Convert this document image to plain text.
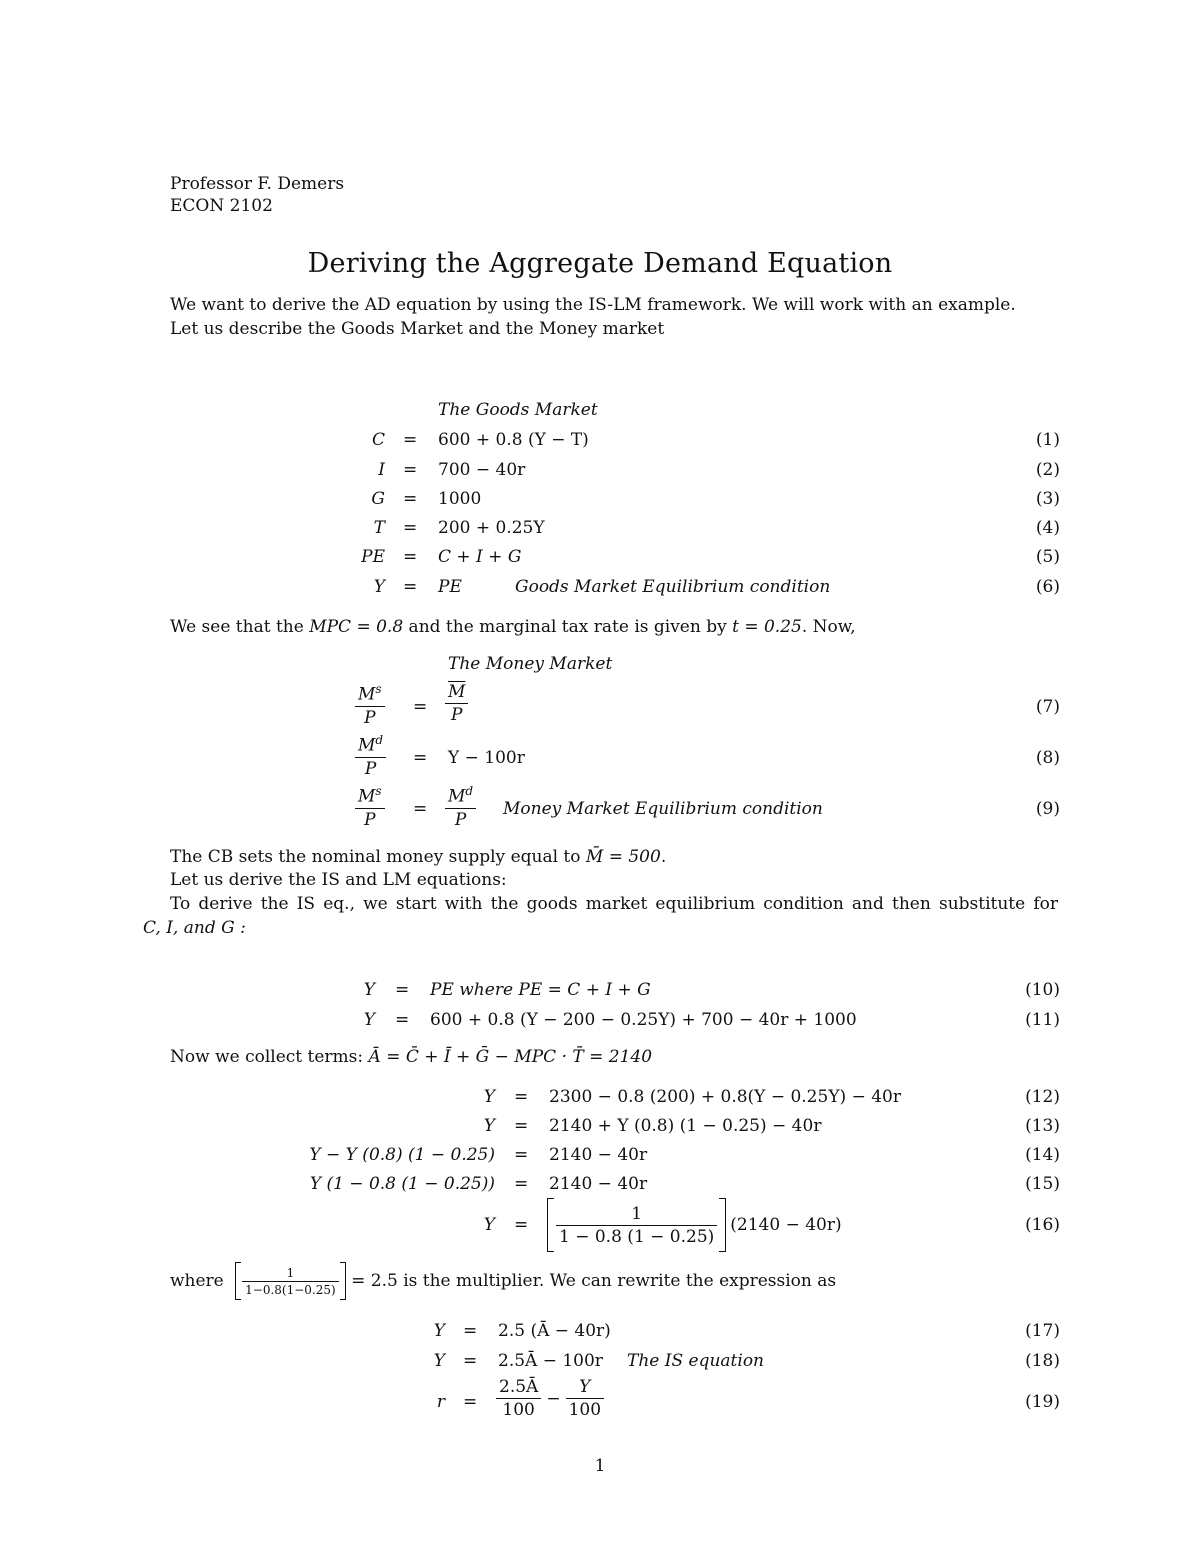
Professor F. Demers
ECON 2102
Deriving the Aggregate Demand Equation
We want to derive the AD equation by using the IS-LM framework. We will work with an example.
Let us describe the Goods Market and the Money market
The Goods Market
C = 600 + 0.8 (Y − T)	(1)
I = 700 − 40r	(2)
G = 1000	(3)
T = 200 + 0.25Y	(4)
PE = C + I + G	(5)
Y = PE	Goods Market Equilibrium condition	(6)
We see that the MPC = 0.8 and the marginal tax rate is given by t = 0.25. Now,
The Money Market
$\frac{M^s}{P} = \frac{\overline{M}}{P}$	(7)
$\frac{M^d}{P} = Y - 100r$	(8)
$\frac{M^s}{P} = \frac{M^d}{P}$ Money Market Equilibrium condition	(9)
The CB sets the nominal money supply equal to M̄ = 500.
Let us derive the IS and LM equations:
To derive the IS eq., we start with the goods market equilibrium condition and then substitute for
C, I, and G :
Y = PE where PE = C + I + G	(10)
Y = 600 + 0.8 (Y − 200 − 0.25Y) + 700 − 40r + 1000	(11)
Now we collect terms: Ā = C̄ + Ī + Ḡ − MPC · T̄ = 2140
Y = 2300 − 0.8 (200) + 0.8(Y − 0.25Y) − 40r	(12)
Y = 2140 + Y (0.8) (1 − 0.25) − 40r	(13)
Y − Y (0.8) (1 − 0.25) = 2140 − 40r	(14)
Y (1 − 0.8 (1 − 0.25)) = 2140 − 40r	(15)
$Y = \frac{1}{1 - 0.8 (1 - 0.25)} (2140 - 40r)$	(16)
where $\frac{1}{1-0.8(1-0.25)} = 2.5$ is the multiplier. We can rewrite the expression as
Y = 2.5 (Ā − 40r)	(17)
Y = 2.5Ā − 100r The IS equation	(18)
$r = \frac{2.5Ā}{100} - \frac{Y}{100}$	(19)
1
